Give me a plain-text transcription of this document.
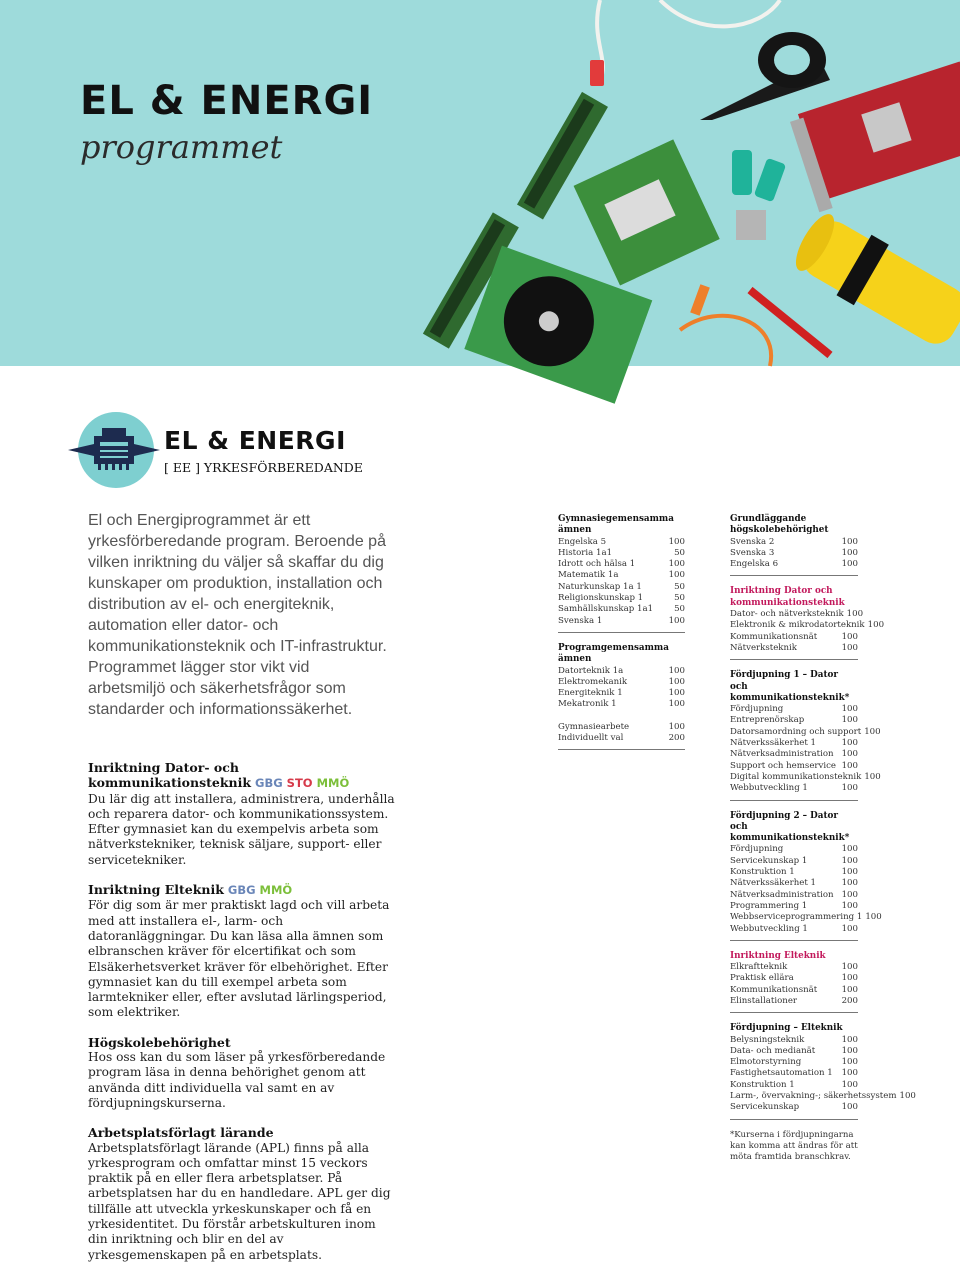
EL & ENERGI
programmet
EL & ENERGI
[ EE ] YRKESFÖRBEREDANDE
El och Energiprogrammet är ett yrkesförberedande program. Beroende på vilken inriktning du väljer så skaffar du dig kunskaper om produktion, installation och distribution av el- och energiteknik, automation eller dator- och kommunikationsteknik och IT-infrastruktur. Programmet lägger stor vikt vid arbetsmiljö och säkerhetsfrågor som standarder och informationssäkerhet.
Inriktning Dator- och kommunikationsteknik GBG STO MMÖ
Du lär dig att installera, administrera, underhålla och reparera dator- och kommunikationssystem. Efter gymnasiet kan du exempelvis arbeta som nätverkstekniker, teknisk säljare, support- eller servicetekniker.
Inriktning Elteknik GBG MMÖ
För dig som är mer praktiskt lagd och vill arbeta med att installera el-, larm- och datoranläggningar. Du kan läsa alla ämnen som elbranschen kräver för elcertifikat och som Elsäkerhetsverket kräver för elbehörighet. Efter gymnasiet kan du till exempel arbeta som larmtekniker eller, efter avslutad lärlingsperiod, som elektriker.
Högskolebehörighet
Hos oss kan du som läser på yrkesförberedande program läsa in denna behörighet genom att använda ditt individuella val samt en av fördjupningskurserna.
Arbetsplatsförlagt lärande
Arbetsplatsförlagt lärande (APL) finns på alla yrkesprogram och omfattar minst 15 veckors praktik på en eller flera arbetsplatser. På arbetsplatsen har du en handledare. APL ger dig tillfälle att utveckla yrkeskunskaper och få en yrkesidentitet. Du förstår arbetskulturen inom din inriktning och blir en del av yrkesgemenskapen på en arbetsplats.
Gymnasiegemensamma ämnen
Engelska 5	100
Historia 1a1	50
Idrott och hälsa 1	100
Matematik 1a	100
Naturkunskap 1a 1	50
Religionskunskap 1	50
Samhällskunskap 1a1	50
Svenska 1	100
Programgemensamma ämnen
Datorteknik 1a	100
Elektromekanik	100
Energiteknik 1	100
Mekatronik 1	100
Gymnasiearbete	100
Individuellt val	200
Grundläggande högskolebehörighet
Svenska 2	100
Svenska 3	100
Engelska 6	100
Inriktning Dator och kommunikationsteknik
Dator- och nätverksteknik 100
Elektronik & mikrodatorteknik 100
Kommunikationsnät	100
Nätverksteknik	100
Fördjupning 1 – Dator och kommunikationsteknik*
Fördjupning	100
Entreprenörskap	100
Datorsamordning och support 100
Nätverkssäkerhet 1	100
Nätverksadministration 100
Support och hemservice 100
Digital kommunikationsteknik 100
Webbutveckling 1	100
Fördjupning 2 – Dator och kommunikationsteknik*
Fördjupning	100
Servicekunskap 1	100
Konstruktion 1	100
Nätverkssäkerhet 1	100
Nätverksadministration 100
Programmering 1	100
Webbserviceprogrammering 1 100
Webbutveckling 1	100
Inriktning Elteknik
Elkraftteknik	100
Praktisk ellära	100
Kommunikationsnät	100
Elinstallationer	200
Fördjupning – Elteknik
Belysningsteknik	100
Data- och medianät	100
Elmotorstyrning	100
Fastighetsautomation 1	100
Konstruktion 1	100
Larm-, övervakning-; säkerhetssystem 100
Servicekunskap	100
*Kurserna i fördjupningarna kan komma att ändras för att möta framtida branschkrav.
